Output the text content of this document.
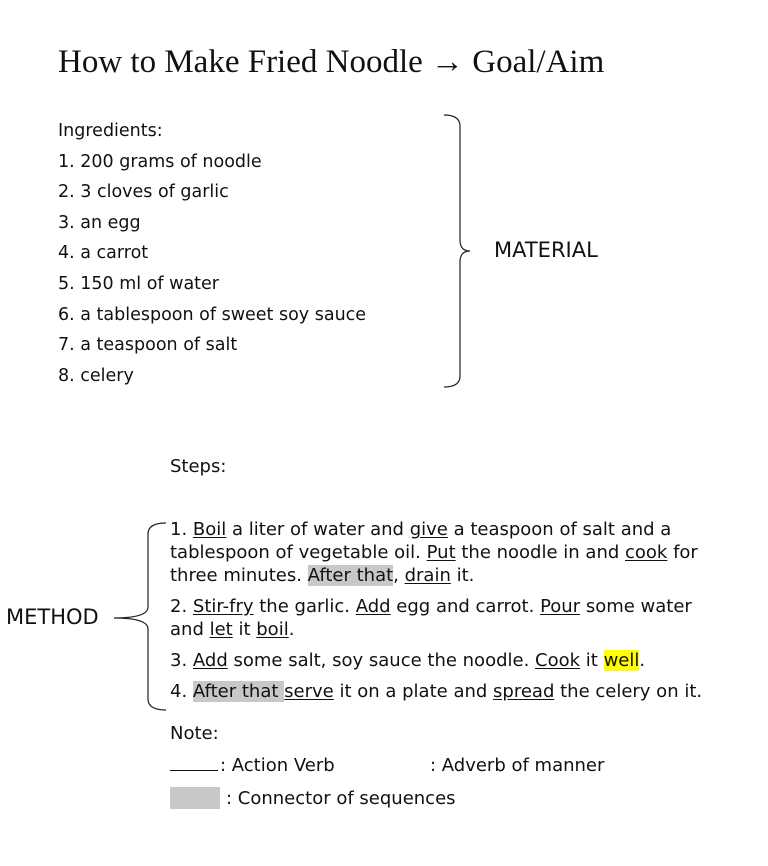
How to Make Fried Noodle → Goal/Aim
Ingredients:
1. 200 grams of noodle
2. 3 cloves of garlic
3. an egg
4. a carrot
5. 150 ml of water
6. a tablespoon of sweet soy sauce
7. a teaspoon of salt
8. celery
MATERIAL
METHOD
Steps:
1. Boil a liter of water and give a teaspoon of salt and a tablespoon of vegetable oil. Put the noodle in and cook for three minutes. After that, drain it.
2. Stir-fry the garlic. Add egg and carrot. Pour some water and let it boil.
3. Add some salt, soy sauce the noodle. Cook it well.
4. After that serve it on a plate and spread the celery on it.
Note:
: Action Verb	: Adverb of manner
: Connector of sequences
